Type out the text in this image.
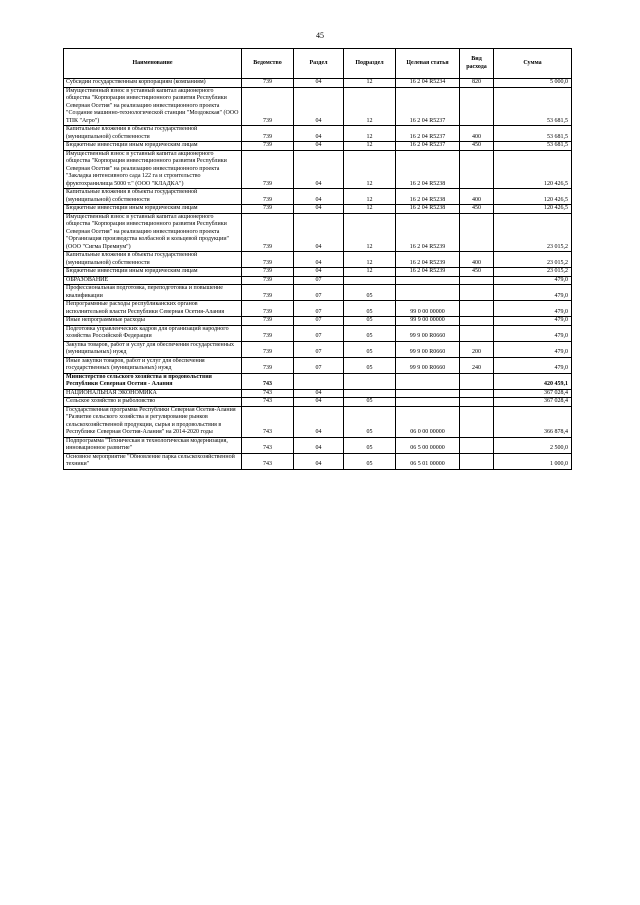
45
Наименование	Ведомство	Раздел	Подраздел	Целевая статья	Вид расхода	Сумма
Субсидии государственным корпорациям (компаниям)	739	04	12	16 2 04 R5234	820	5 000,0
Имущественный взнос в уставный капитал акционерного общества "Корпорация инвестиционного развития Республики Северная Осетия" на реализацию инвестиционного проекта "Создание машинно-технологической станции "Моздокская" (ООО ТПК "Агро")	739	04	12	16 2 04 R5237		53 681,5
Капитальные вложения в объекты государственной (муниципальной) собственности	739	04	12	16 2 04 R5237	400	53 681,5
Бюджетные инвестиции иным юридическим лицам	739	04	12	16 2 04 R5237	450	53 681,5
Имущественный взнос в уставный капитал акционерного общества "Корпорация инвестиционного развития Республики Северная Осетия" на реализацию инвестиционного проекта "Закладка интенсивного сада 122 га и строительство фруктохранилища 5000 т." (ООО "КЛАДКА")	739	04	12	16 2 04 R5238		120 426,5
Капитальные вложения в объекты государственной (муниципальной) собственности	739	04	12	16 2 04 R5238	400	120 426,5
Бюджетные инвестиции иным юридическим лицам	739	04	12	16 2 04 R5238	450	120 426,5
Имущественный взнос в уставный капитал акционерного общества "Корпорация инвестиционного развития Республики Северная Осетия" на реализацию инвестиционного проекта "Организация производства колбасной и кольцевой продукции" (ООО "Сигма Премиум")	739	04	12	16 2 04 R5239		23 015,2
Капитальные вложения в объекты государственной (муниципальной) собственности	739	04	12	16 2 04 R5239	400	23 015,2
Бюджетные инвестиции иным юридическим лицам	739	04	12	16 2 04 R5239	450	23 015,2
ОБРАЗОВАНИЕ	739	07				479,0
Профессиональная подготовка, переподготовка и повышение квалификации	739	07	05			479,0
Непрограммные расходы республиканских органов исполнительной власти Республики Северная Осетия-Алания	739	07	05	99 0 00 00000		479,0
Иные непрограммные расходы	739	07	05	99 9 00 00000		479,0
Подготовка управленческих кадров для организаций народного хозяйства Российской Федерации	739	07	05	99 9 00 R0660		479,0
Закупка товаров, работ и услуг для обеспечения государственных (муниципальных) нужд	739	07	05	99 9 00 R0660	200	479,0
Иные закупки товаров, работ и услуг для обеспечения государственных (муниципальных) нужд	739	07	05	99 9 00 R0660	240	479,0
Министерство сельского хозяйства и продовольствия Республики Северная Осетия - Алания	743					420 459,1
НАЦИОНАЛЬНАЯ ЭКОНОМИКА	743	04				367 028,4
Сельское хозяйство и рыболовство	743	04	05			367 028,4
Государственная программа Республики Северная Осетия-Алания "Развитие сельского хозяйства и регулирование рынков сельскохозяйственной продукции, сырья и продовольствия в Республике Северная Осетия-Алания" на 2014-2020 годы	743	04	05	06 0 00 00000		366 878,4
Подпрограмма "Техническая и технологическая модернизация, инновационное развитие"	743	04	05	06 5 00 00000		2 500,0
Основное мероприятие "Обновление парка сельскохозяйственной техники"	743	04	05	06 5 01 00000		1 000,0
